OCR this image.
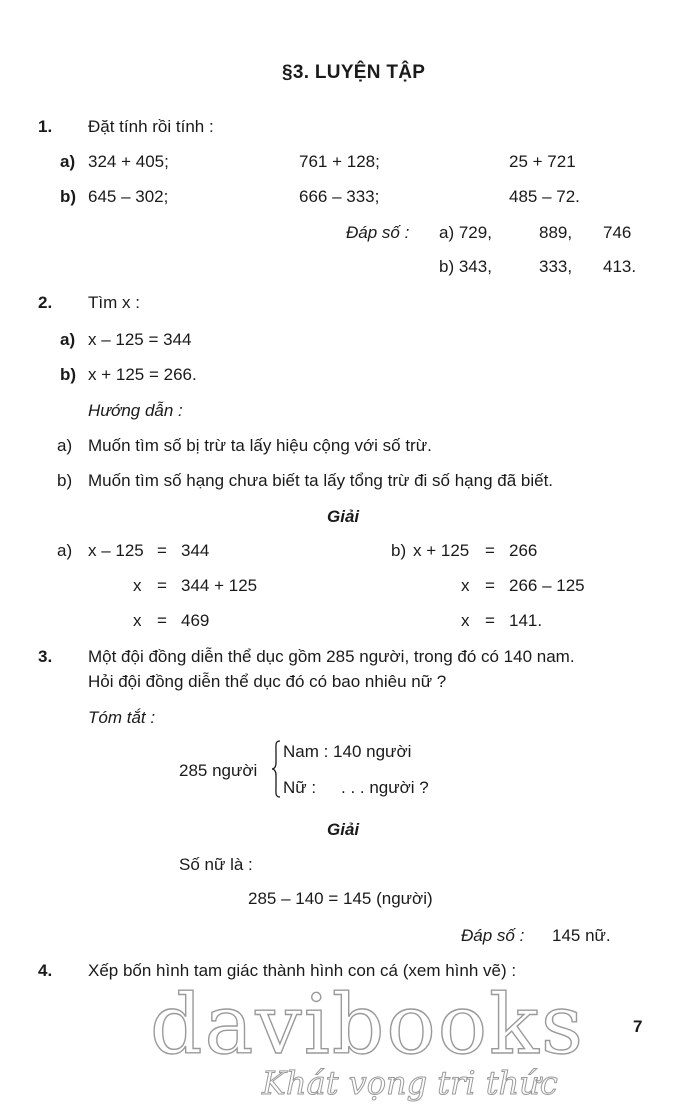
§3. LUYỆN TẬP
1. Đặt tính rồi tính :
a) 324 + 405;	761 + 128;	25 + 721
b) 645 – 302;	666 – 333;	485 – 72.
Đáp số : a) 729,	889, 746
b) 343,	333, 413.
2. Tìm x :
a) x – 125 = 344
b) x + 125 = 266.
Hướng dẫn :
a) Muốn tìm số bị trừ ta lấy hiệu cộng với số trừ.
b) Muốn tìm số hạng chưa biết ta lấy tổng trừ đi số hạng đã biết.
Giải
a) x – 125 = 344
x = 344 + 125
x = 469
b) x + 125 = 266
x = 266 – 125
x = 141.
3. Một đội đồng diễn thể dục gồm 285 người, trong đó có 140 nam.
Hỏi đội đồng diễn thể dục đó có bao nhiêu nữ ?
Tóm tắt :
285 người
Nam : 140 người
Nữ : . . . người ?
Giải
Số nữ là :
285 – 140 = 145 (người)
Đáp số : 145 nữ.
4. Xếp bốn hình tam giác thành hình con cá (xem hình vẽ) :
davibooks
Khát vọng tri thức
7
